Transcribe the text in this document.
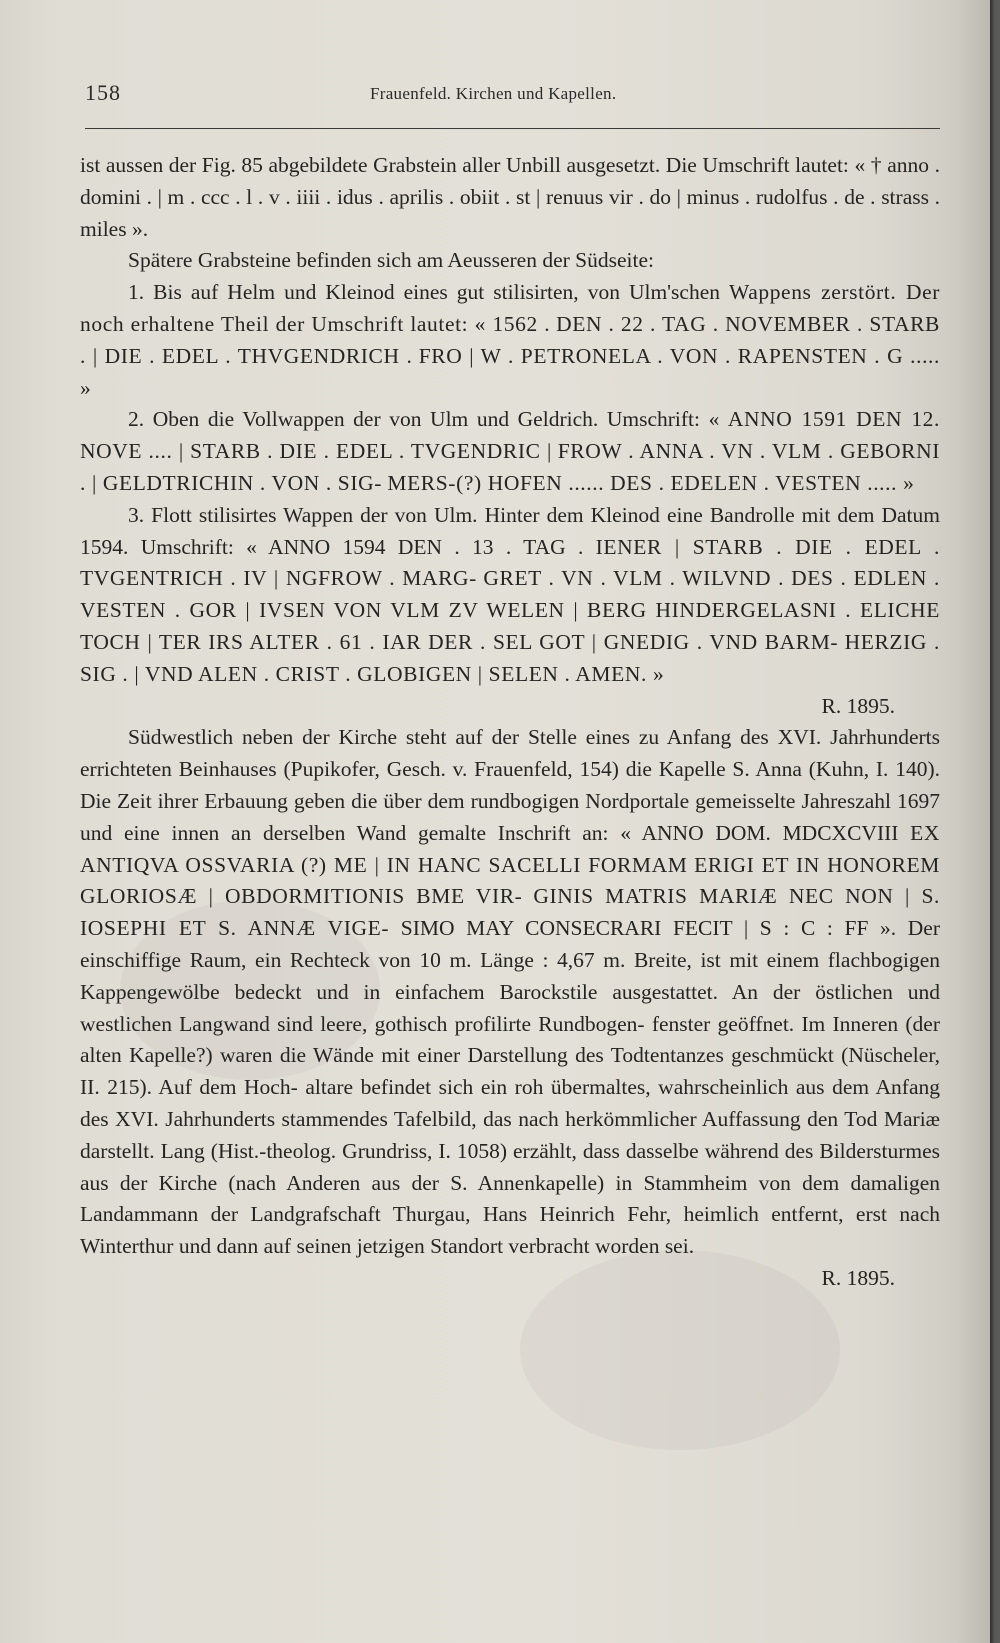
158	Frauenfeld. Kirchen und Kapellen.

ist aussen der Fig. 85 abgebildete Grabstein aller Unbill ausgesetzt. Die Umschrift lautet: « † anno . domini . | m . ccc . l . v . iiii . idus . aprilis . obiit . st | renuus vir . do | minus . rudolfus . de . strass . miles ».

Spätere Grabsteine befinden sich am Aeusseren der Südseite:

1. Bis auf Helm und Kleinod eines gut stilisirten, von Ulm'schen Wappens zerstört. Der noch erhaltene Theil der Umschrift lautet: « 1562 . DEN . 22 . TAG . NOVEMBER . STARB . | DIE . EDEL . THVGENDRICH . FRO | W . PETRONELA . VON . RAPENSTEN . G ..... »

2. Oben die Vollwappen der von Ulm und Geldrich. Umschrift: « ANNO 1591 DEN 12. NOVE .... | STARB . DIE . EDEL . TVGENDRIC | FROW . ANNA . VN . VLM . GEBORNI . | GELDTRICHIN . VON . SIG- MERS-(?) HOFEN ...... DES . EDELEN . VESTEN ..... »

3. Flott stilisirtes Wappen der von Ulm. Hinter dem Kleinod eine Bandrolle mit dem Datum 1594. Umschrift: « ANNO 1594 DEN . 13 . TAG . IENER | STARB . DIE . EDEL . TVGENTRICH . IV | NGFROW . MARG- GRET . VN . VLM . WILVND . DES . EDLEN . VESTEN . GOR | IVSEN VON VLM ZV WELEN | BERG HINDERGELASNI . ELICHE TOCH | TER IRS ALTER . 61 . IAR DER . SEL GOT | GNEDIG . VND BARM- HERZIG . SIG . | VND ALEN . CRIST . GLOBIGEN | SELEN . AMEN. »

R. 1895.

Südwestlich neben der Kirche steht auf der Stelle eines zu Anfang des XVI. Jahrhunderts errichteten Beinhauses (Pupikofer, Gesch. v. Frauenfeld, 154) die Kapelle S. Anna (Kuhn, I. 140). Die Zeit ihrer Erbauung geben die über dem rundbogigen Nordportale gemeisselte Jahreszahl 1697 und eine innen an derselben Wand gemalte Inschrift an: « ANNO DOM. MDCXCVIII EX ANTIQVA OSSVARIA (?) ME | IN HANC SACELLI FORMAM ERIGI ET IN HONOREM GLORIOSÆ | OBDORMITIONIS BME VIR- GINIS MATRIS MARIÆ NEC NON | S. IOSEPHI ET S. ANNÆ VIGE- SIMO MAY CONSECRARI FECIT | S : C : FF ». Der einschiffige Raum, ein Rechteck von 10 m. Länge : 4,67 m. Breite, ist mit einem flachbogigen Kappengewölbe bedeckt und in einfachem Barockstile ausgestattet. An der östlichen und westlichen Langwand sind leere, gothisch profilirte Rundbogen- fenster geöffnet. Im Inneren (der alten Kapelle?) waren die Wände mit einer Darstellung des Todtentanzes geschmückt (Nüscheler, II. 215). Auf dem Hoch- altare befindet sich ein roh übermaltes, wahrscheinlich aus dem Anfang des XVI. Jahrhunderts stammendes Tafelbild, das nach herkömmlicher Auffassung den Tod Mariæ darstellt. Lang (Hist.-theolog. Grundriss, I. 1058) erzählt, dass dasselbe während des Bildersturmes aus der Kirche (nach Anderen aus der S. Annenkapelle) in Stammheim von dem damaligen Landammann der Landgrafschaft Thurgau, Hans Heinrich Fehr, heimlich entfernt, erst nach Winterthur und dann auf seinen jetzigen Standort verbracht worden sei.

R. 1895.
